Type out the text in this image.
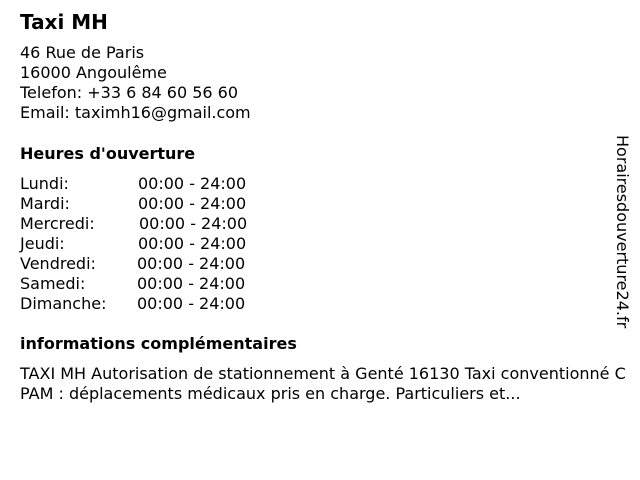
Taxi MH
46 Rue de Paris
16000 Angoulême
Telefon: +33 6 84 60 56 60
Email: taximh16@gmail.com
Heures d'ouverture
Lundi:	00:00 - 24:00
Mardi:	00:00 - 24:00
Mercredi:	00:00 - 24:00
Jeudi:	00:00 - 24:00
Vendredi:	00:00 - 24:00
Samedi:	00:00 - 24:00
Dimanche: 00:00 - 24:00
informations complémentaires
TAXI MH Autorisation de stationnement à Genté 16130 Taxi conventionné CPAM : déplacements médicaux pris en charge. Particuliers et...
Horairesdouverture24.fr
